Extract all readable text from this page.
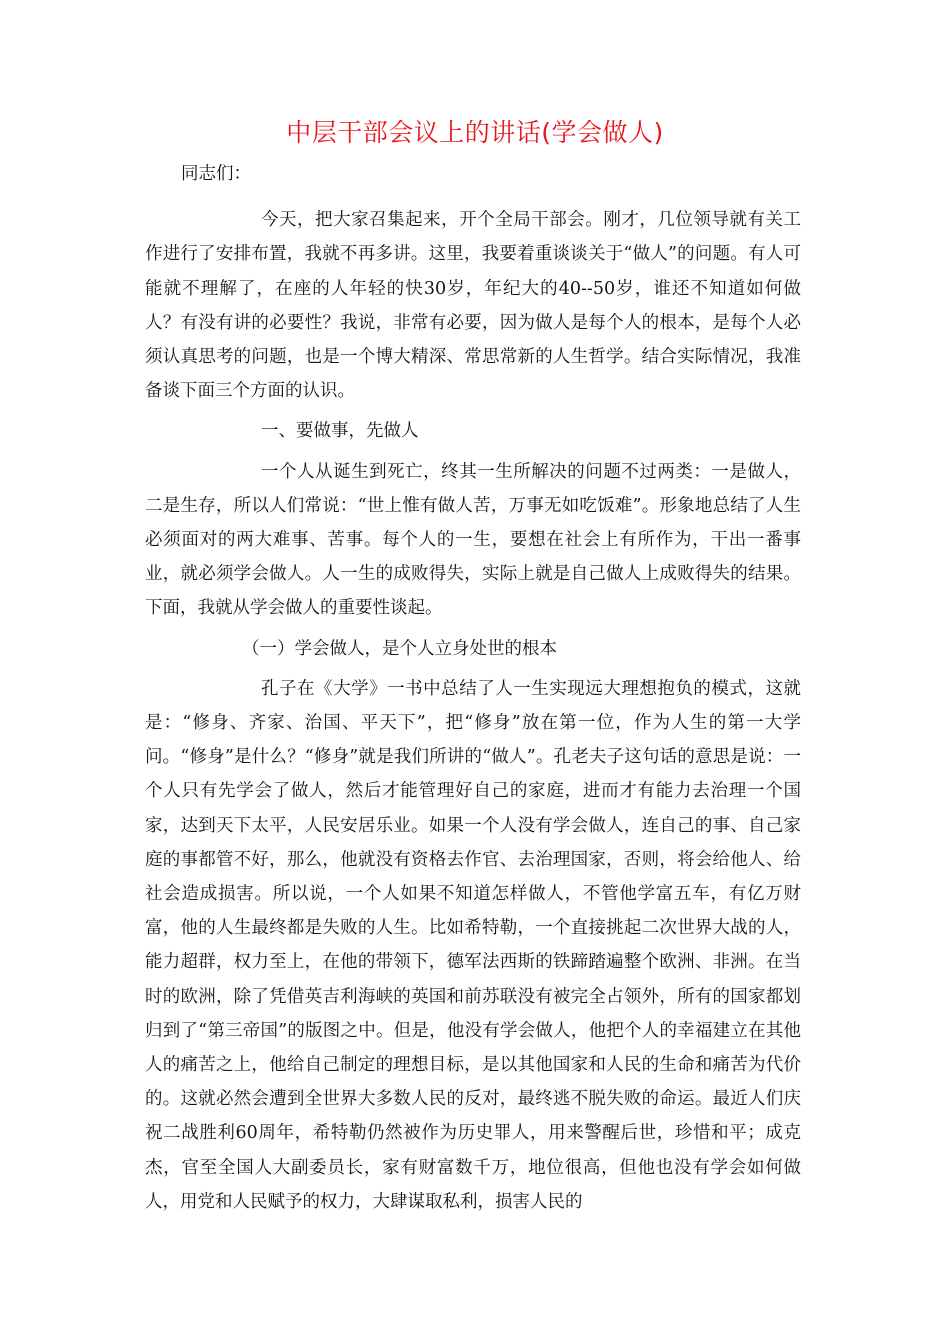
中层干部会议上的讲话(学会做人)

同志们：

今天，把大家召集起来，开个全局干部会。刚才，几位领导就有关工作进行了安排布置，我就不再多讲。这里，我要着重谈谈关于“做人”的问题。有人可能就不理解了，在座的人年轻的快30岁，年纪大的40--50岁，谁还不知道如何做人？有没有讲的必要性？我说，非常有必要，因为做人是每个人的根本，是每个人必须认真思考的问题，也是一个博大精深、常思常新的人生哲学。结合实际情况，我准备谈下面三个方面的认识。

一、要做事，先做人

一个人从诞生到死亡，终其一生所解决的问题不过两类：一是做人，二是生存，所以人们常说：“世上惟有做人苦，万事无如吃饭难”。形象地总结了人生必须面对的两大难事、苦事。每个人的一生，要想在社会上有所作为，干出一番事业，就必须学会做人。人一生的成败得失，实际上就是自己做人上成败得失的结果。下面，我就从学会做人的重要性谈起。

（一）学会做人，是个人立身处世的根本

孔子在《大学》一书中总结了人一生实现远大理想抱负的模式，这就是：“修身、齐家、治国、平天下”，把“修身”放在第一位，作为人生的第一大学问。“修身”是什么？“修身”就是我们所讲的“做人”。孔老夫子这句话的意思是说：一个人只有先学会了做人，然后才能管理好自己的家庭，进而才有能力去治理一个国家，达到天下太平，人民安居乐业。如果一个人没有学会做人，连自己的事、自己家庭的事都管不好，那么，他就没有资格去作官、去治理国家，否则，将会给他人、给社会造成损害。所以说，一个人如果不知道怎样做人，不管他学富五车，有亿万财富，他的人生最终都是失败的人生。比如希特勒，一个直接挑起二次世界大战的人，能力超群，权力至上，在他的带领下，德军法西斯的铁蹄踏遍整个欧洲、非洲。在当时的欧洲，除了凭借英吉利海峡的英国和前苏联没有被完全占领外，所有的国家都划归到了“第三帝国”的版图之中。但是，他没有学会做人，他把个人的幸福建立在其他人的痛苦之上，他给自己制定的理想目标，是以其他国家和人民的生命和痛苦为代价的。这就必然会遭到全世界大多数人民的反对，最终逃不脱失败的命运。最近人们庆祝二战胜利60周年，希特勒仍然被作为历史罪人，用来警醒后世，珍惜和平；成克杰，官至全国人大副委员长，家有财富数千万，地位很高，但他也没有学会如何做人，用党和人民赋予的权力，大肆谋取私利，损害人民的
